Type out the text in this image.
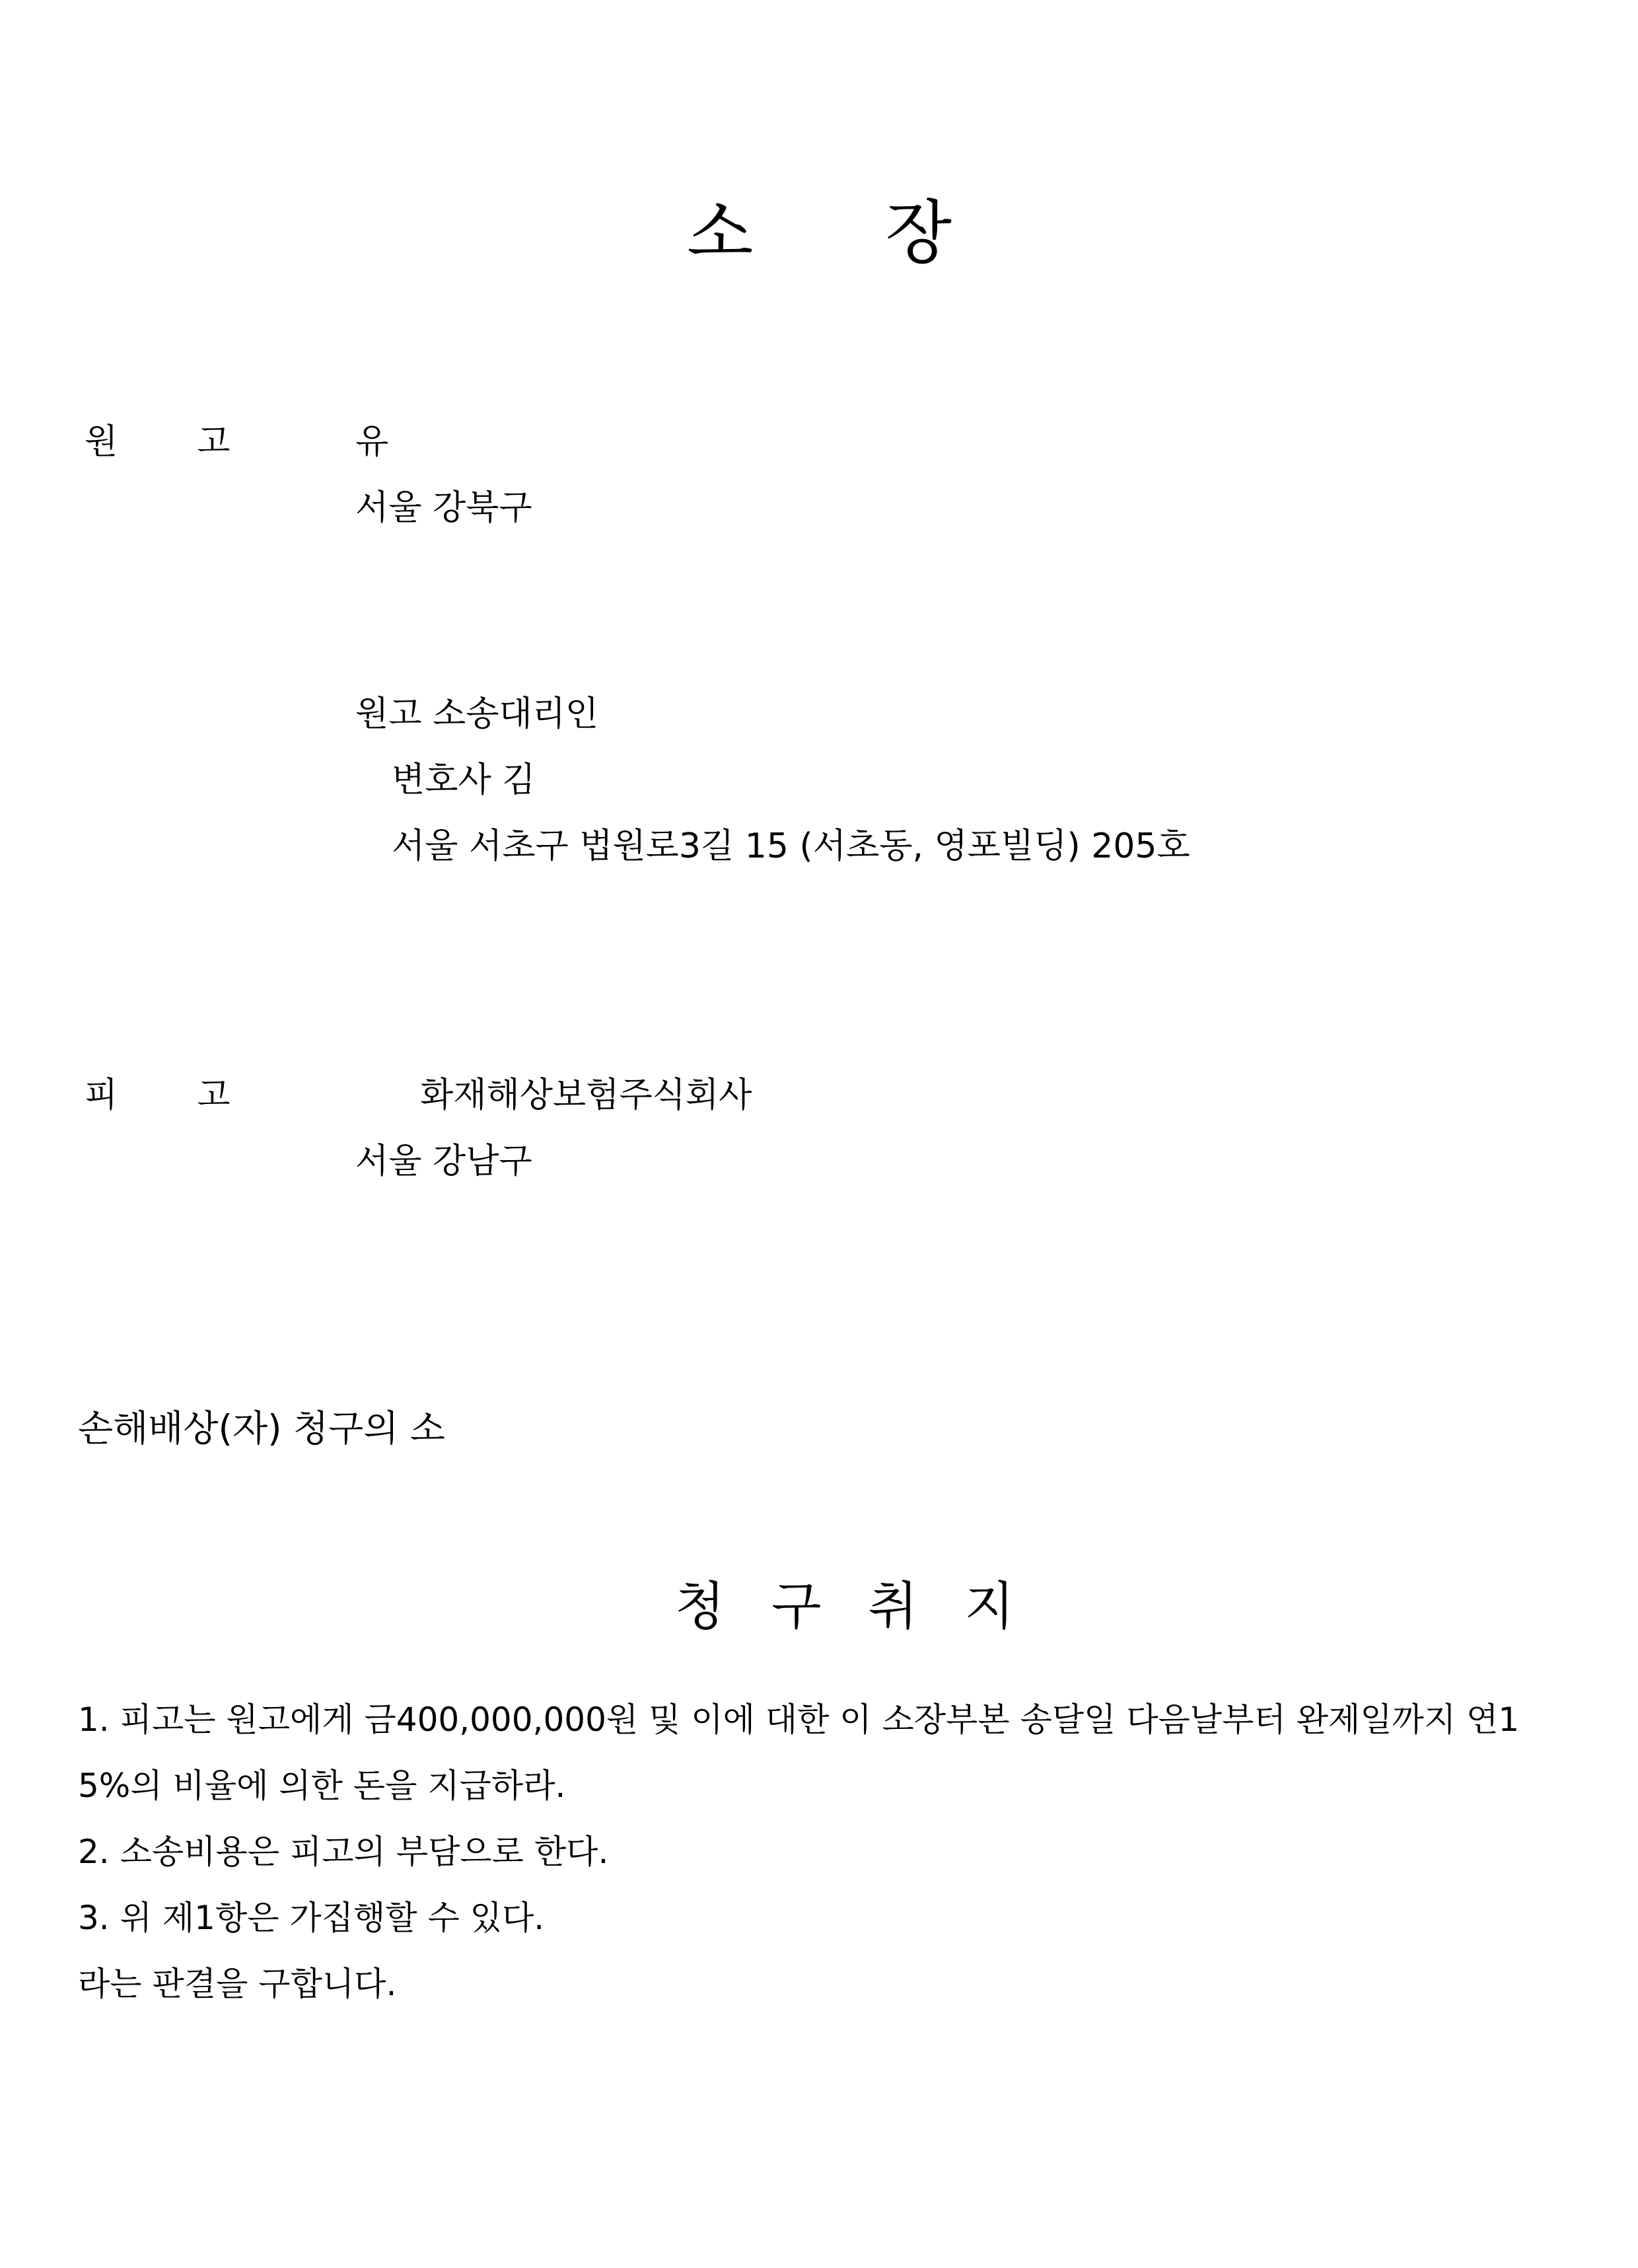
소 장
원 고	유
서울 강북구
원고 소송대리인
변호사 김
서울 서초구 법원로3길 15 (서초동, 영포빌딩) 205호
피 고	화재해상보험주식회사
서울 강남구
손해배상(자) 청구의 소
청 구 취 지
1. 피고는 원고에게 금400,000,000원 및 이에 대한 이 소장부본 송달일 다음날부터 완제일까지 연1
5%의 비율에 의한 돈을 지급하라.
2. 소송비용은 피고의 부담으로 한다.
3. 위 제1항은 가집행할 수 있다.
라는 판결을 구합니다.
